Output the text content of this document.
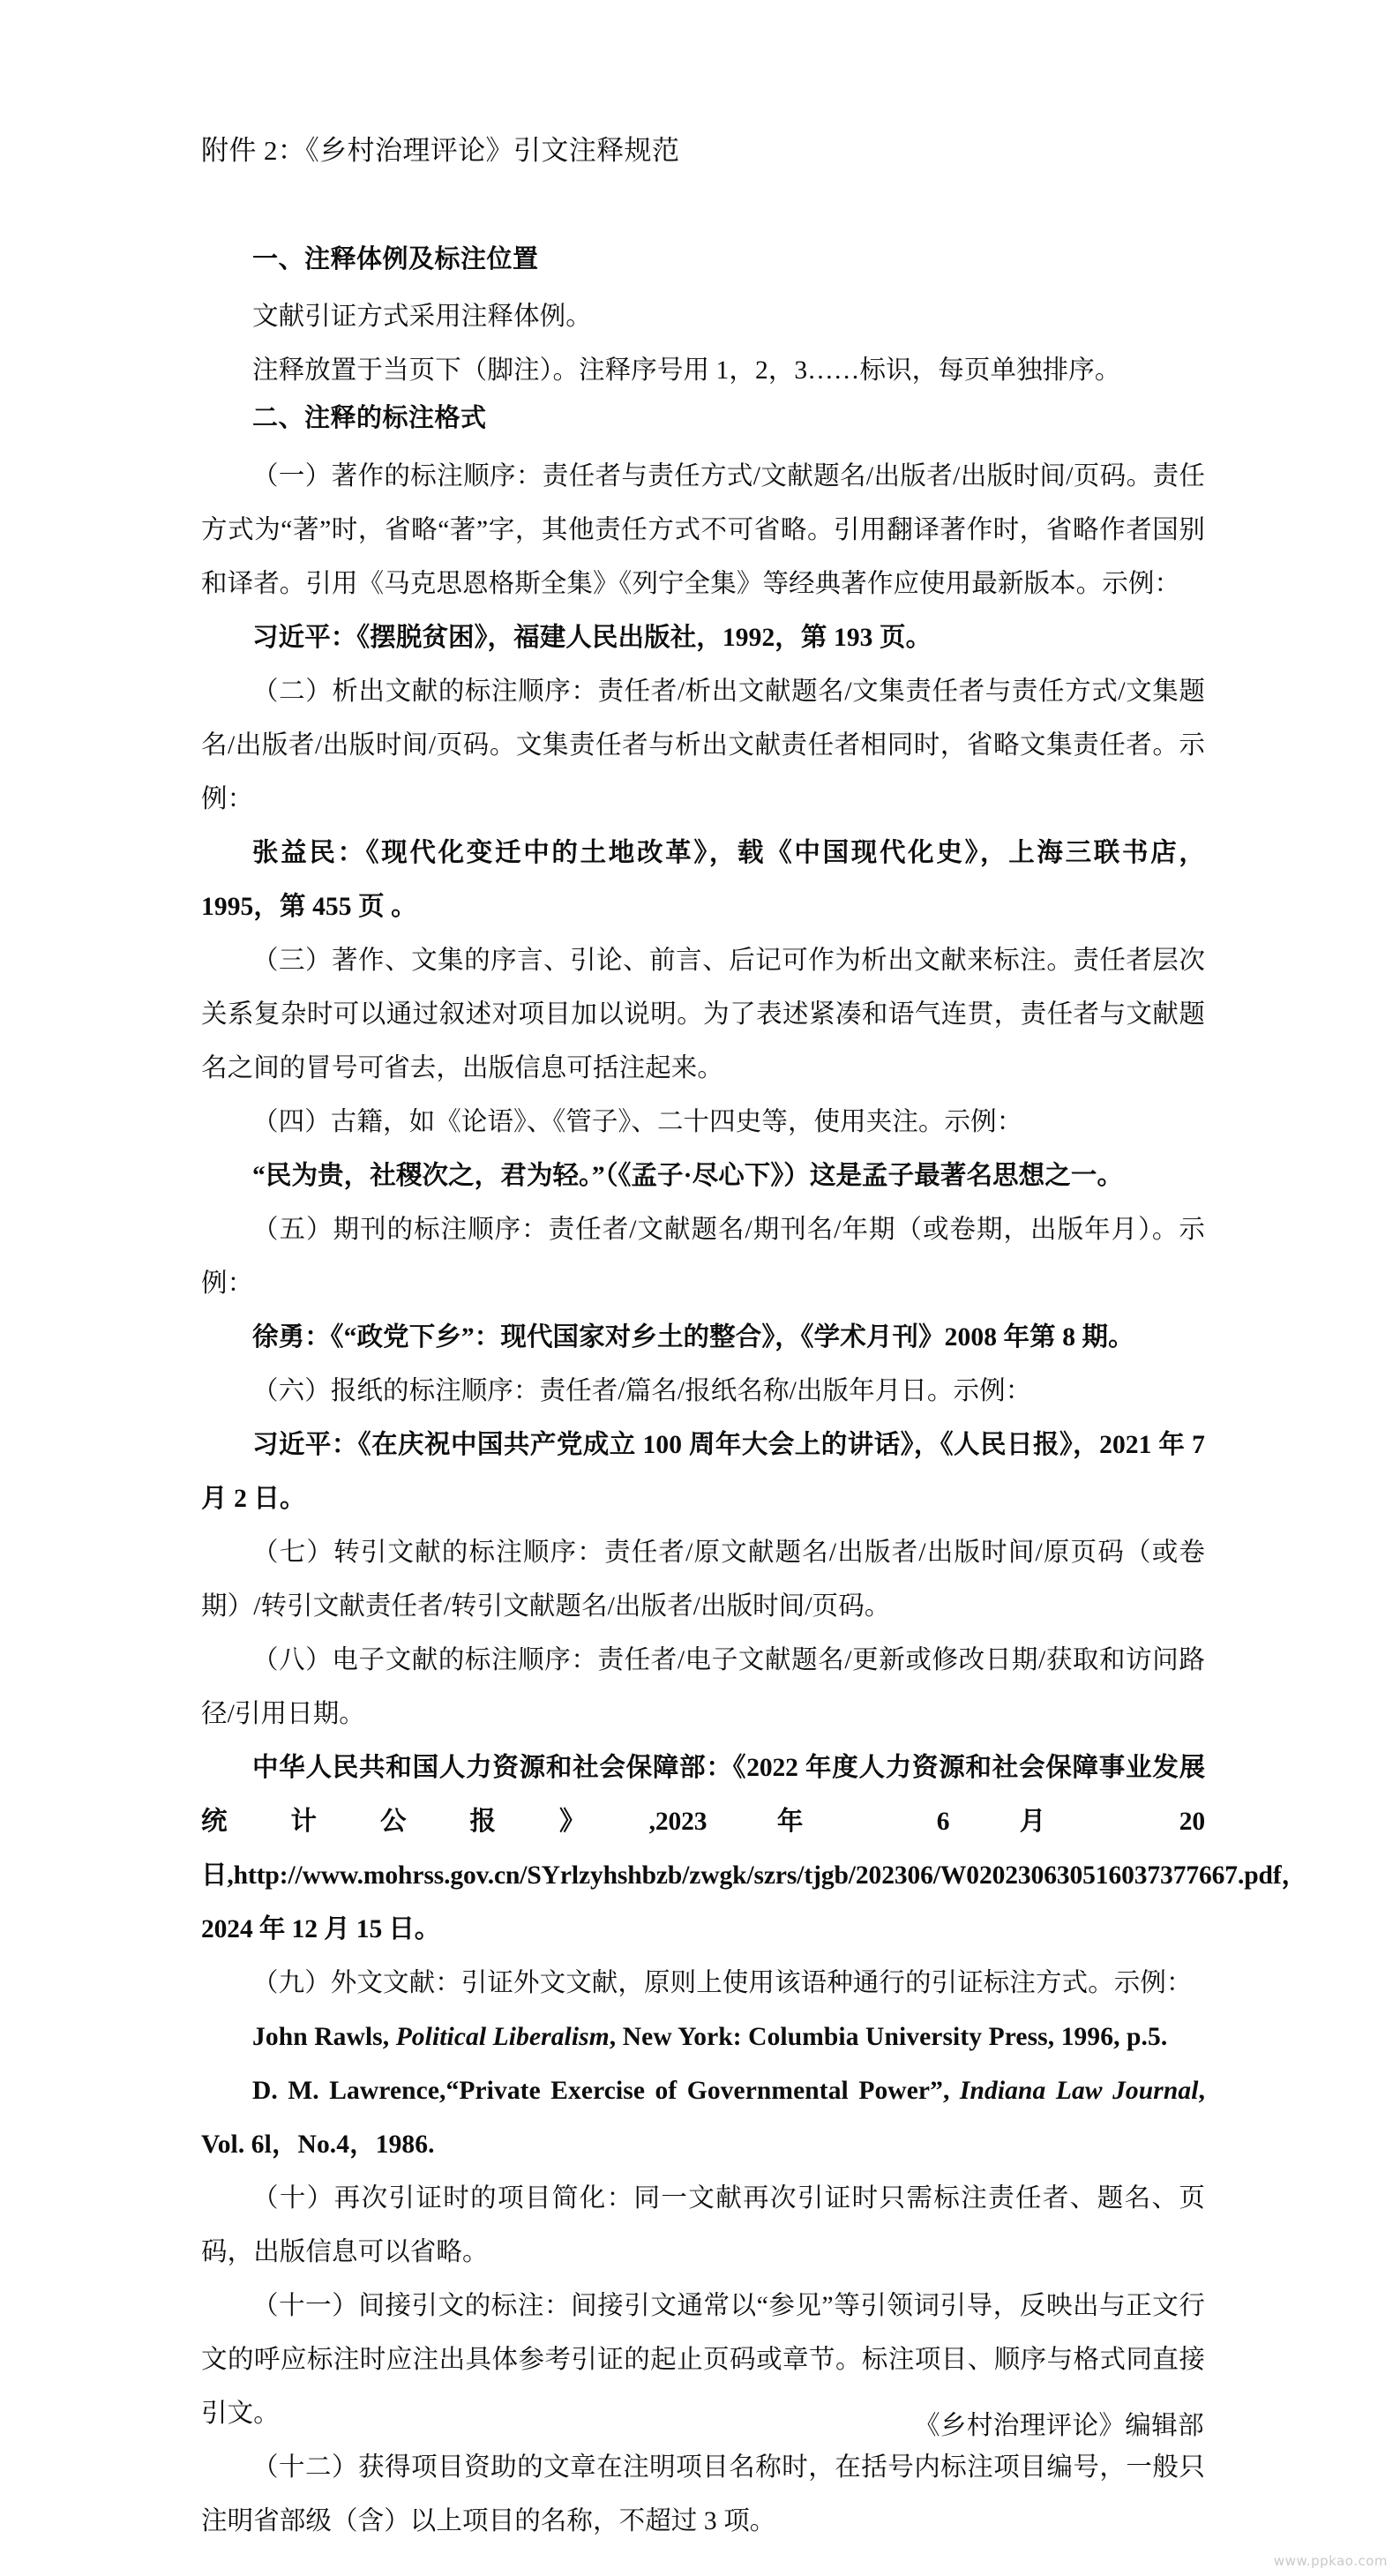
附件 2：《乡村治理评论》引文注释规范
一、注释体例及标注位置

文献引证方式采用注释体例。

注释放置于当页下（脚注）。注释序号用 1，2，3……标识，每页单独排序。

二、注释的标注格式

（一）著作的标注顺序：责任者与责任方式/文献题名/出版者/出版时间/页码。责任方式为“著”时，省略“著”字，其他责任方式不可省略。引用翻译著作时，省略作者国别和译者。引用《马克思恩格斯全集》《列宁全集》等经典著作应使用最新版本。示例：

习近平：《摆脱贫困》，福建人民出版社，1992，第 193 页。

（二）析出文献的标注顺序：责任者/析出文献题名/文集责任者与责任方式/文集题名/出版者/出版时间/页码。文集责任者与析出文献责任者相同时，省略文集责任者。示例：

张益民：《现代化变迁中的土地改革》，载《中国现代化史》，上海三联书店，1995，第 455 页 。

（三）著作、文集的序言、引论、前言、后记可作为析出文献来标注。责任者层次关系复杂时可以通过叙述对项目加以说明。为了表述紧凑和语气连贯，责任者与文献题名之间的冒号可省去，出版信息可括注起来。

（四）古籍，如《论语》、《管子》、二十四史等，使用夹注。示例：

“民为贵，社稷次之，君为轻。”（《孟子·尽心下》）这是孟子最著名思想之一。

（五）期刊的标注顺序：责任者/文献题名/期刊名/年期（或卷期，出版年月）。示例：

徐勇：《“政党下乡”：现代国家对乡土的整合》，《学术月刊》2008 年第 8 期。

（六）报纸的标注顺序：责任者/篇名/报纸名称/出版年月日。示例：

习近平：《在庆祝中国共产党成立 100 周年大会上的讲话》，《人民日报》，2021 年 7 月 2 日。

（七）转引文献的标注顺序：责任者/原文献题名/出版者/出版时间/原页码（或卷期）/转引文献责任者/转引文献题名/出版者/出版时间/页码。

（八）电子文献的标注顺序：责任者/电子文献题名/更新或修改日期/获取和访问路径/引用日期。

中华人民共和国人力资源和社会保障部：《2022 年度人力资源和社会保障事业发展统计公报》,2023 年 6 月 20 日,http://www.mohrss.gov.cn/SYrlzyhshbzb/zwgk/szrs/tjgb/202306/W020230630516037377667.pdf，2024 年 12 月 15 日。

（九）外文文献：引证外文文献，原则上使用该语种通行的引证标注方式。示例：

John Rawls, Political Liberalism, New York: Columbia University Press, 1996, p.5.

D. M. Lawrence,“Private Exercise of Governmental Power”, Indiana Law Journal, Vol. 6l，No.4，1986.

（十）再次引证时的项目简化：同一文献再次引证时只需标注责任者、题名、页码，出版信息可以省略。

（十一）间接引文的标注：间接引文通常以“参见”等引领词引导，反映出与正文行文的呼应标注时应注出具体参考引证的起止页码或章节。标注项目、顺序与格式同直接引文。

（十二）获得项目资助的文章在注明项目名称时，在括号内标注项目编号，一般只注明省部级（含）以上项目的名称，不超过 3 项。

《乡村治理评论》编辑部
www.ppkao.com
